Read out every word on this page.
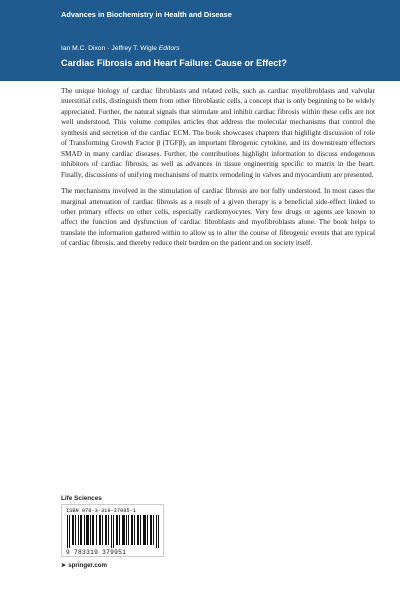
Advances in Biochemistry in Health and Disease
Ian M.C. Dixon · Jeffrey T. Wigle Editors
Cardiac Fibrosis and Heart Failure: Cause or Effect?

The unique biology of cardiac fibroblasts and related cells, such as cardiac myofibroblasts and valvular interstitial cells, distinguish them from other fibroblastic cells, a concept that is only beginning to be widely appreciated. Further, the natural signals that stimulate and inhibit cardiac fibrosis within these cells are not well understood. This volume compiles articles that address the molecular mechanisms that control the synthesis and secretion of the cardiac ECM. The book showcases chapters that highlight discussion of role of Transforming Growth Factor β (TGFβ), an important fibrogenic cytokine, and its downstream effectors SMAD in many cardiac diseases. Further, the contributions highlight information to discuss endogenous inhibitors of cardiac fibrosis, as well as advances in tissue engineering specific to matrix in the heart. Finally, discussions of unifying mechanisms of matrix remodeling in valves and myocardium are presented.

The mechanisms involved in the stimulation of cardiac fibrosis are not fully understood. In most cases the marginal attenuation of cardiac fibrosis as a result of a given therapy is a beneficial side-effect linked to other primary effects on other cells, especially cardiomyocytes. Very few drugs or agents are known to affect the function and dysfunction of cardiac fibroblasts and myofibroblasts alone. The book helps to translate the information gathered within to allow us to alter the course of fibrogenic events that are typical of cardiac fibrosis, and thereby reduce their burden on the patient and on society itself.

Life Sciences
ISBN 978-3-319-37995-1
9 783319 379951
➤ springer.com
